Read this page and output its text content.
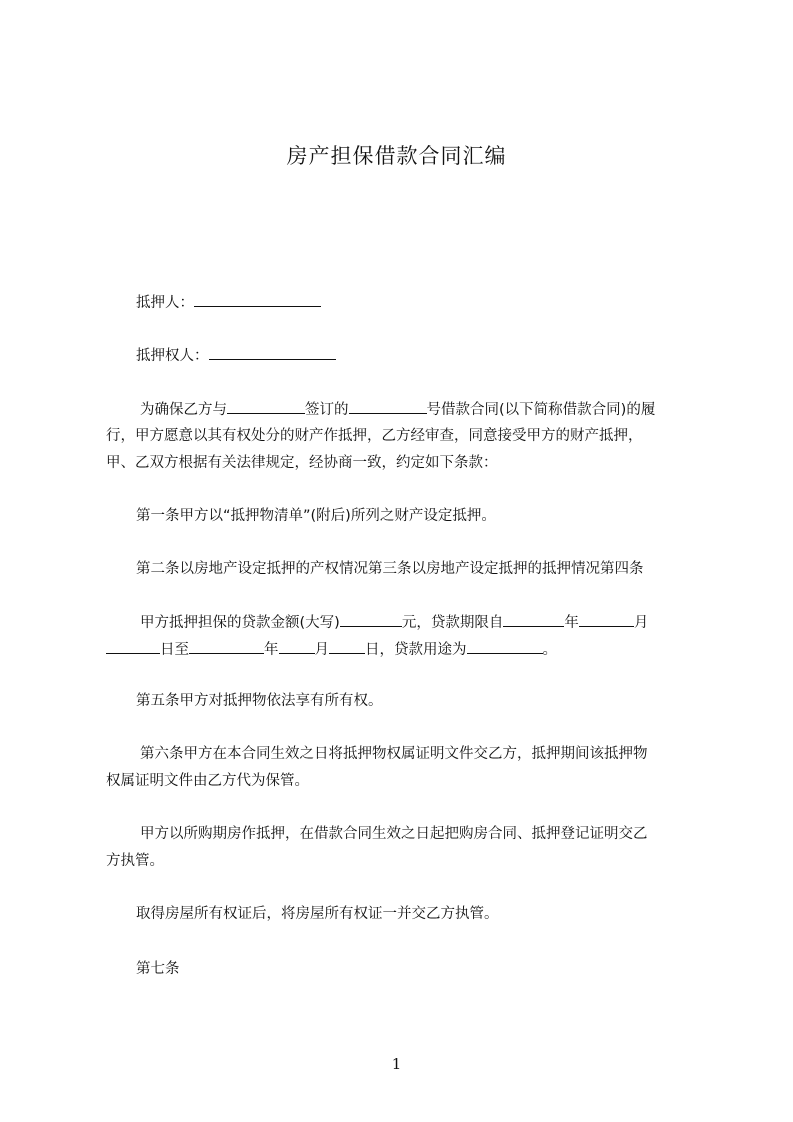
房产担保借款合同汇编
抵押人：
抵押权人：
为确保乙方与	签订的	号借款合同(以下简称借款合同)的履
行，甲方愿意以其有权处分的财产作抵押，乙方经审查，同意接受甲方的财产抵押，
甲、乙双方根据有关法律规定，经协商一致，约定如下条款：
第一条甲方以“抵押物清单”(附后)所列之财产设定抵押。
第二条以房地产设定抵押的产权情况第三条以房地产设定抵押的抵押情况第四条
甲方抵押担保的贷款金额(大写)	元，贷款期限自	年	月
日至	年 月 日，贷款用途为	。
第五条甲方对抵押物依法享有所有权。
第六条甲方在本合同生效之日将抵押物权属证明文件交乙方，抵押期间该抵押物
权属证明文件由乙方代为保管。
甲方以所购期房作抵押，在借款合同生效之日起把购房合同、抵押登记证明交乙
方执管。
取得房屋所有权证后，将房屋所有权证一并交乙方执管。
第七条
1
